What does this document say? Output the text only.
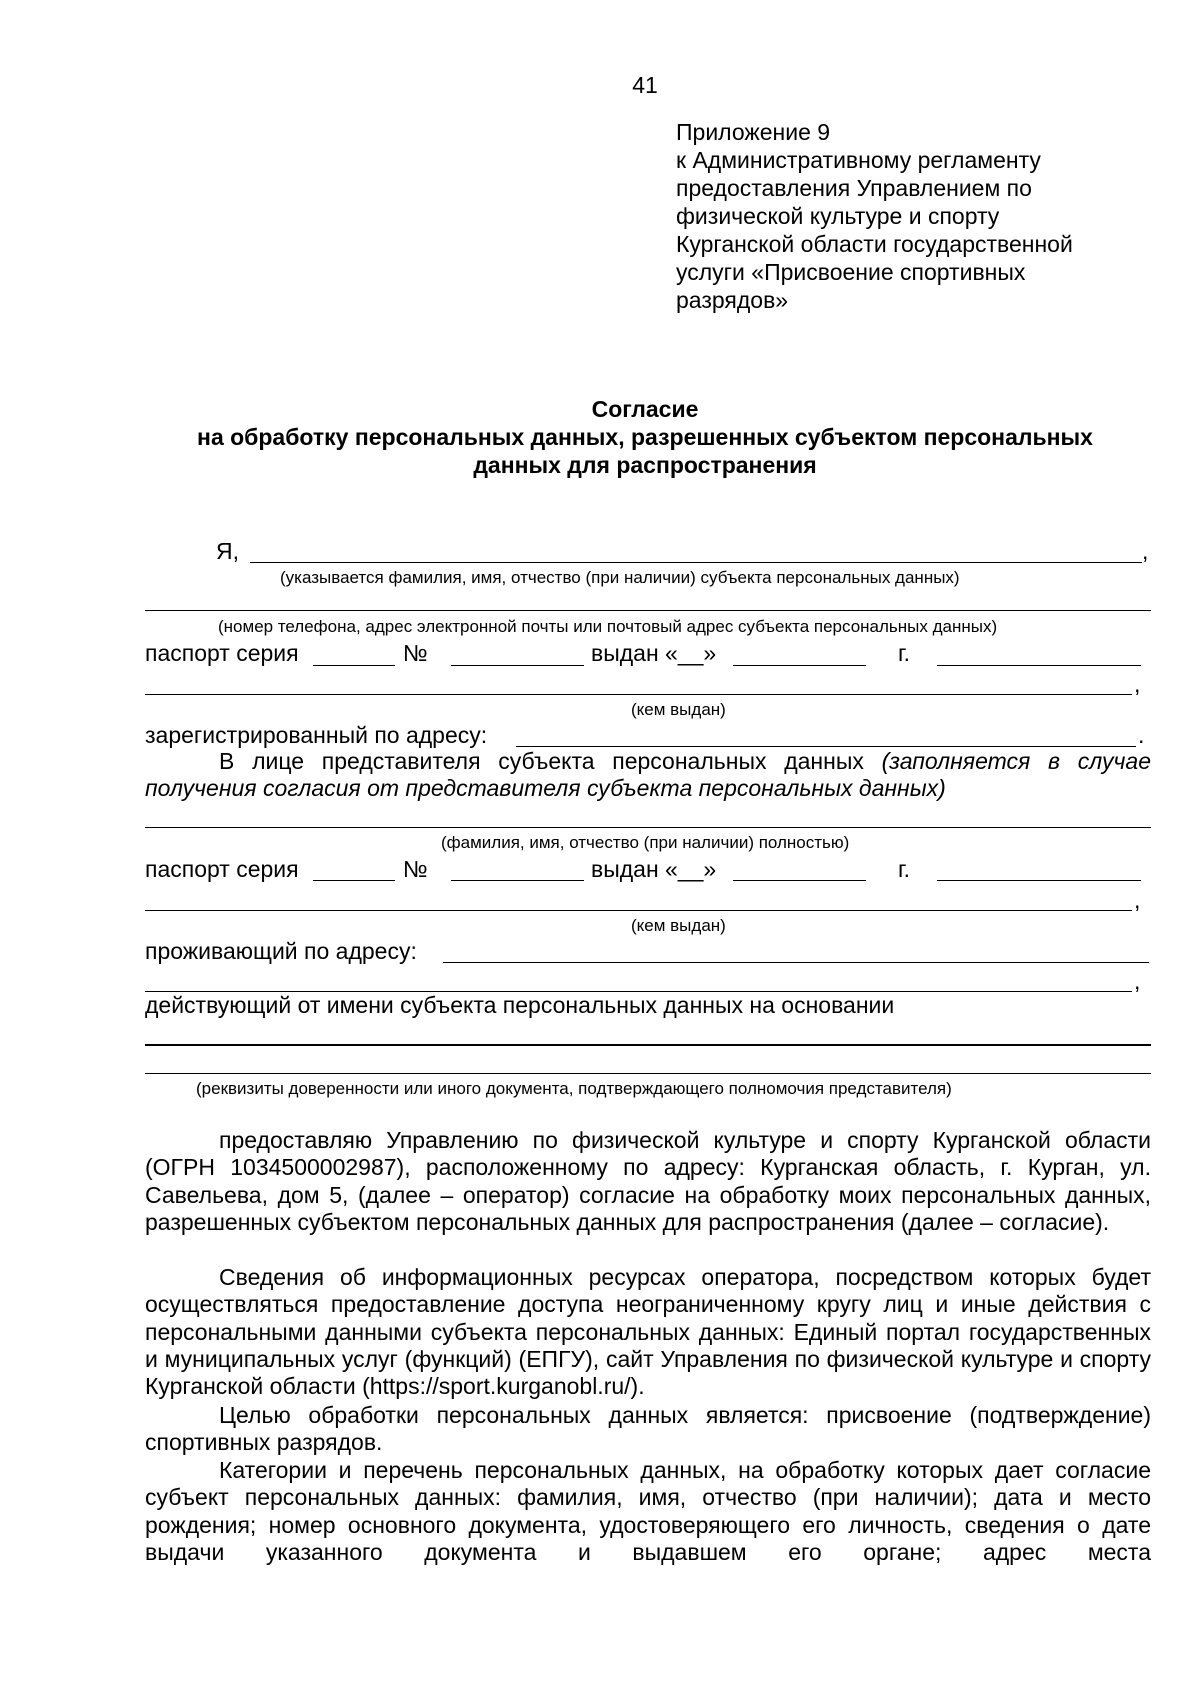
41
Приложение 9
к Административному регламенту
предоставления Управлением по
физической культуре и спорту
Курганской области государственной
услуги «Присвоение спортивных
разрядов»
Согласие
на обработку персональных данных, разрешенных субъектом персональных
данных для распространения
Я,	,
(указывается фамилия, имя, отчество (при наличии) субъекта персональных данных)
(номер телефона, адрес электронной почты или почтовый адрес субъекта персональных данных)
паспорт серия	№	выдан «__»	г.
,
(кем выдан)
зарегистрированный по адресу:	.

В лице представителя субъекта персональных данных (заполняется в случае получения согласия от представителя субъекта персональных данных)

(фамилия, имя, отчество (при наличии) полностью)
паспорт серия	№	выдан «__»	г.
,
(кем выдан)
проживающий по адресу:
,
действующий от имени субъекта персональных данных на основании
(реквизиты доверенности или иного документа, подтверждающего полномочия представителя)

предоставляю Управлению по физической культуре и спорту Курганской области (ОГРН 1034500002987), расположенному по адресу: Курганская область, г. Курган, ул. Савельева, дом 5, (далее – оператор) согласие на обработку моих персональных данных, разрешенных субъектом персональных данных для распространения (далее – согласие).

Сведения об информационных ресурсах оператора, посредством которых будет осуществляться предоставление доступа неограниченному кругу лиц и иные действия с персональными данными субъекта персональных данных: Единый портал государственных и муниципальных услуг (функций) (ЕПГУ), сайт Управления по физической культуре и спорту Курганской области (https://sport.kurganobl.ru/).

Целью обработки персональных данных является: присвоение (подтверждение) спортивных разрядов.

Категории и перечень персональных данных, на обработку которых дает согласие субъект персональных данных: фамилия, имя, отчество (при наличии); дата и место рождения; номер основного документа, удостоверяющего его личность, сведения о дате выдачи указанного документа и выдавшем его органе; адрес места
